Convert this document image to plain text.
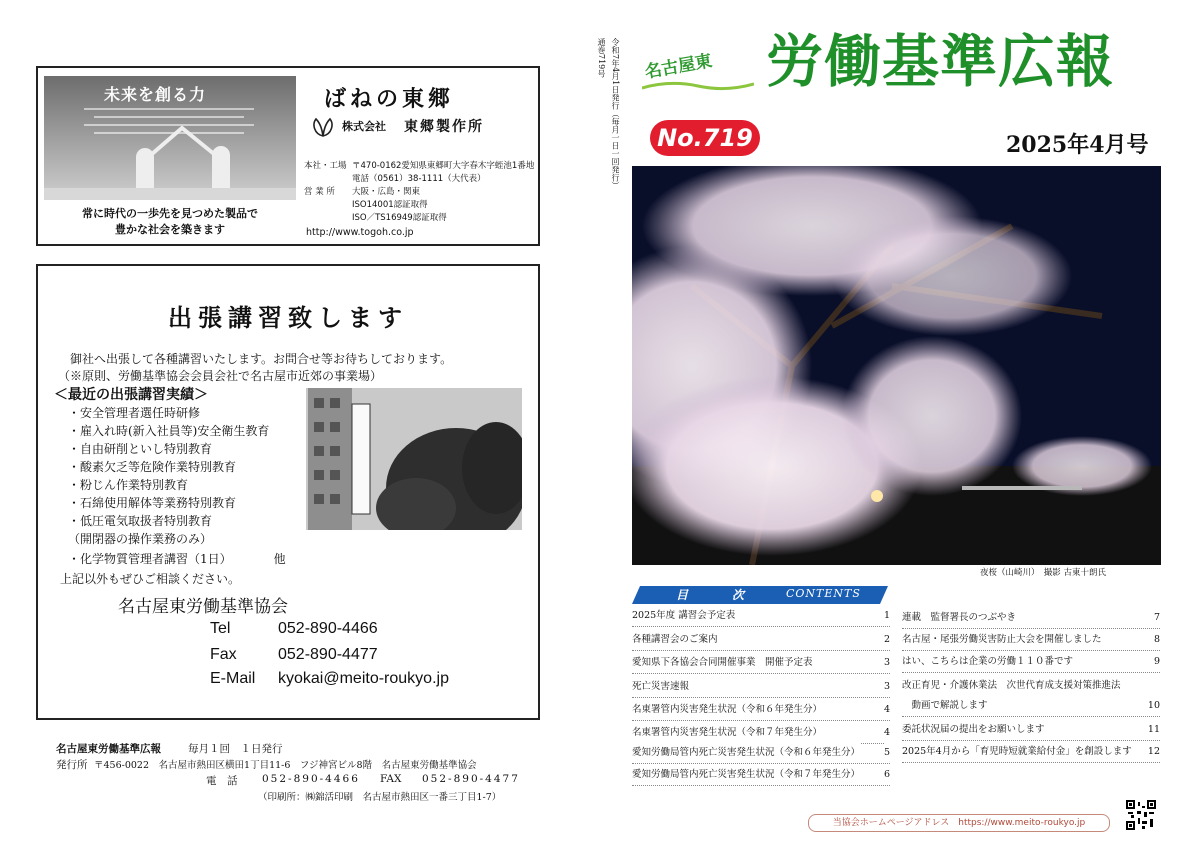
未来を創る力
常に時代の一歩先を見つめた製品で
豊かな社会を築きます
ばねの東郷
株式会社 東郷製作所
本社・工場 〒470-0162愛知県東郷町大字春木字蛭池1番地
電話（0561）38-1111（大代表）
営 業 所 大阪・広島・関東
ISO14001認証取得
ISO／TS16949認証取得
http://www.togoh.co.jp
出張講習致します
御社へ出張して各種講習いたします。お問合せ等お待ちしております。
（※原則、労働基準協会会員会社で名古屋市近郊の事業場）
＜最近の出張講習実績＞
・安全管理者選任時研修
・雇入れ時(新入社員等)安全衛生教育
・自由研削といし特別教育
・酸素欠乏等危険作業特別教育
・粉じん作業特別教育
・石綿使用解体等業務特別教育
・低圧電気取扱者特別教育
（開閉器の操作業務のみ）
・化学物質管理者講習（1日）　　　　他
上記以外もぜひご相談ください。
名古屋東労働基準協会
Tel	052-890-4466
Fax	052-890-4477
E-Mail kyokai@meito-roukyo.jp
名古屋東労働基準広報	毎月１回　１日発行
発行所 〒456-0022　名古屋市熱田区横田1丁目11-6　フジ神宮ビル8階　名古屋東労働基準協会
電　話 052-890-4466 FAX 052-890-4477
（印刷所：㈱錦活印刷　名古屋市熱田区一番三丁目1-7）
令和7年4月1日発行（毎月一日一回発行）
通巻719号 名古屋東 労働基準広報
No.719	2025年4月号
夜桜（山崎川）　撮影 古東十朗氏
目　次 CONTENTS
2025年度 講習会予定表	1
各種講習会のご案内	2
愛知県下各協会合同開催事業　開催予定表	3
死亡災害速報	3
名東署管内災害発生状況（令和６年発生分）	4
名東署管内災害発生状況（令和７年発生分）	4
愛知労働局管内死亡災害発生状況（令和６年発生分）	5
愛知労働局管内死亡災害発生状況（令和７年発生分）	6
連載　監督署長のつぶやき	7
名古屋・尾張労働災害防止大会を開催しました	8
はい、こちらは企業の労働１１０番です	9
改正育児・介護休業法　次世代育成支援対策推進法
　動画で解説します	10
委託状況届の提出をお願いします	11
2025年4月から「育児時短就業給付金」を創設します 12
当協会ホームページアドレス　https://www.meito-roukyo.jp
